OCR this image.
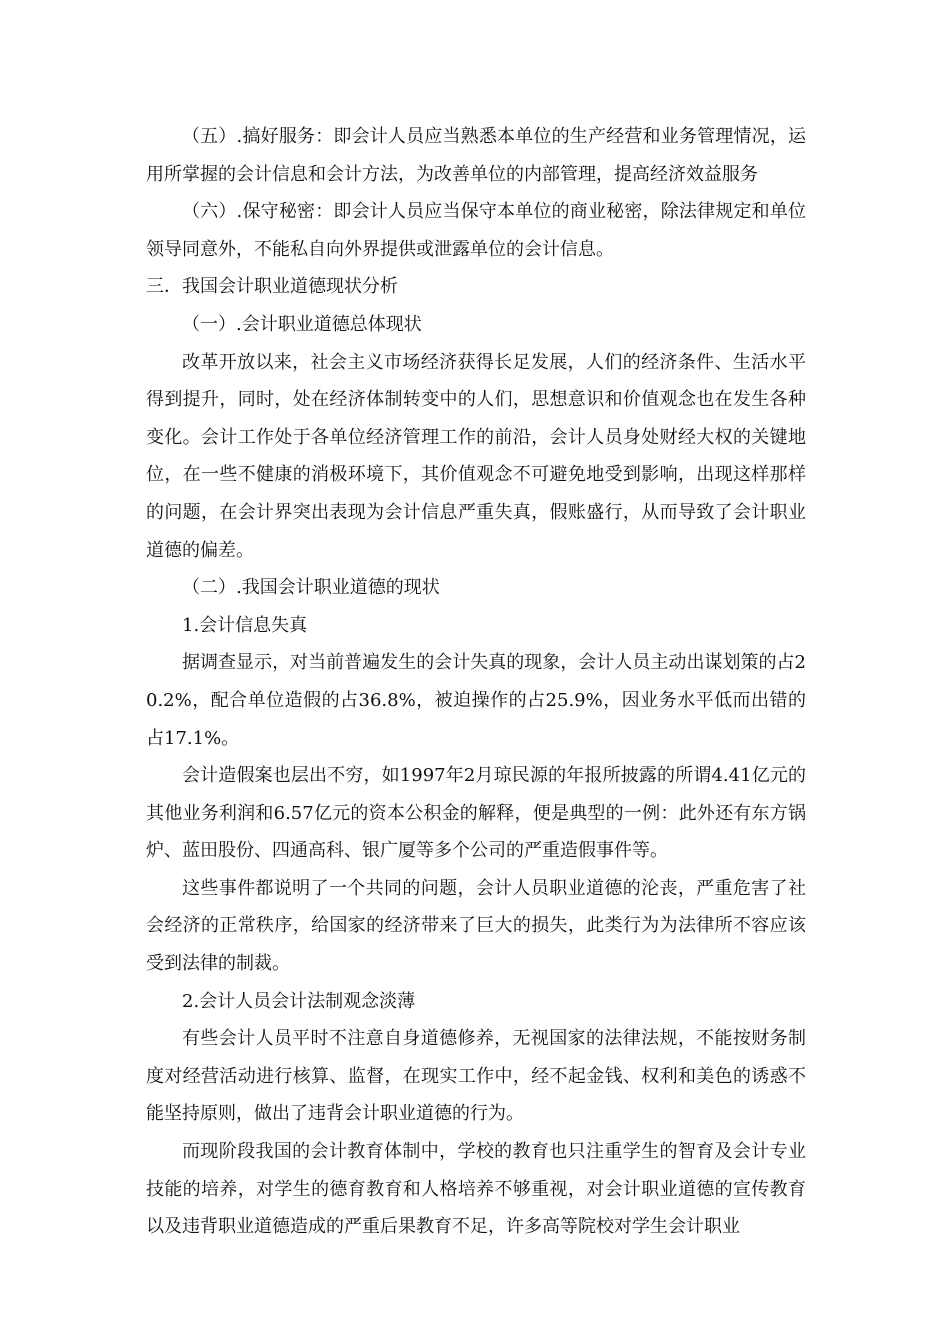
（五）.搞好服务：即会计人员应当熟悉本单位的生产经营和业务管理情况，运用所掌握的会计信息和会计方法，为改善单位的内部管理，提高经济效益服务

（六）.保守秘密：即会计人员应当保守本单位的商业秘密，除法律规定和单位领导同意外，不能私自向外界提供或泄露单位的会计信息。

三．我国会计职业道德现状分析

（一）.会计职业道德总体现状

改革开放以来，社会主义市场经济获得长足发展，人们的经济条件、生活水平得到提升，同时，处在经济体制转变中的人们，思想意识和价值观念也在发生各种变化。会计工作处于各单位经济管理工作的前沿，会计人员身处财经大权的关键地位，在一些不健康的消极环境下，其价值观念不可避免地受到影响，出现这样那样的问题，在会计界突出表现为会计信息严重失真，假账盛行，从而导致了会计职业道德的偏差。

（二）.我国会计职业道德的现状

1.会计信息失真

据调查显示，对当前普遍发生的会计失真的现象，会计人员主动出谋划策的占20.2%，配合单位造假的占36.8%，被迫操作的占25.9%，因业务水平低而出错的占17.1%。

会计造假案也层出不穷，如1997年2月琼民源的年报所披露的所谓4.41亿元的其他业务利润和6.57亿元的资本公积金的解释，便是典型的一例：此外还有东方锅炉、蓝田股份、四通高科、银广厦等多个公司的严重造假事件等。

这些事件都说明了一个共同的问题，会计人员职业道德的沦丧，严重危害了社会经济的正常秩序，给国家的经济带来了巨大的损失，此类行为为法律所不容应该受到法律的制裁。

2.会计人员会计法制观念淡薄

有些会计人员平时不注意自身道德修养，无视国家的法律法规，不能按财务制度对经营活动进行核算、监督，在现实工作中，经不起金钱、权利和美色的诱惑不能坚持原则，做出了违背会计职业道德的行为。

而现阶段我国的会计教育体制中，学校的教育也只注重学生的智育及会计专业技能的培养，对学生的德育教育和人格培养不够重视，对会计职业道德的宣传教育以及违背职业道德造成的严重后果教育不足，许多高等院校对学生会计职业
